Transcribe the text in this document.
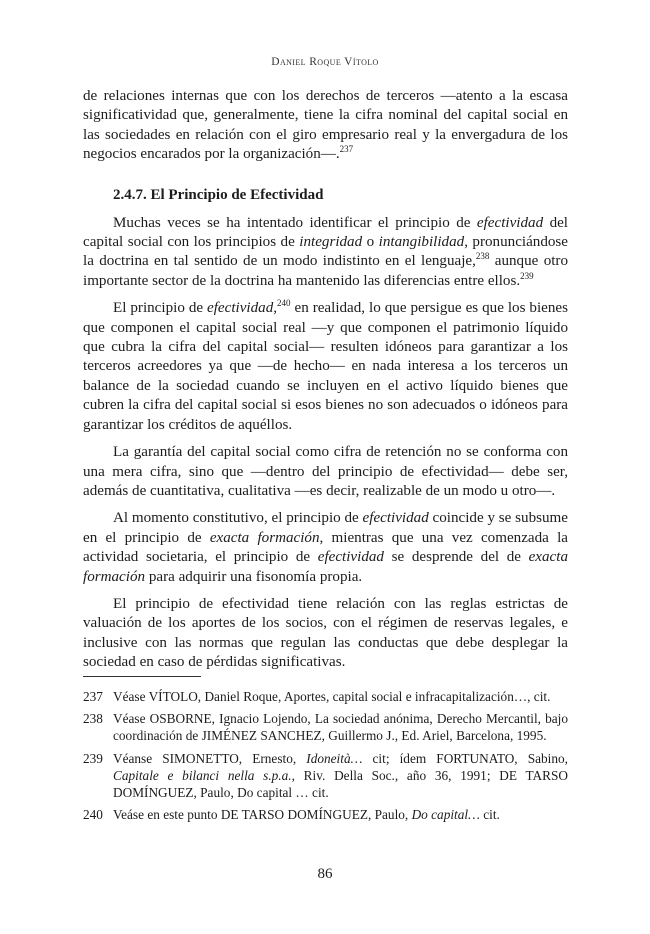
Daniel Roque Vítolo

de relaciones internas que con los derechos de terceros —atento a la escasa significatividad que, generalmente, tiene la cifra nominal del capital social en las sociedades en relación con el giro empresario real y la envergadura de los negocios encarados por la organización—.$^{237}$

2.4.7. El Principio de Efectividad

Muchas veces se ha intentado identificar el principio de efectividad del capital social con los principios de integridad o intangibilidad, pronunciándose la doctrina en tal sentido de un modo indistinto en el lenguaje,$^{238}$ aunque otro importante sector de la doctrina ha mantenido las diferencias entre ellos.$^{239}$

El principio de efectividad,$^{240}$ en realidad, lo que persigue es que los bienes que componen el capital social real —y que componen el patrimonio líquido que cubra la cifra del capital social— resulten idóneos para garantizar a los terceros acreedores ya que —de hecho— en nada interesa a los terceros un balance de la sociedad cuando se incluyen en el activo líquido bienes que cubren la cifra del capital social si esos bienes no son adecuados o idóneos para garantizar los créditos de aquéllos.

La garantía del capital social como cifra de retención no se conforma con una mera cifra, sino que —dentro del principio de efectividad— debe ser, además de cuantitativa, cualitativa —es decir, realizable de un modo u otro—.

Al momento constitutivo, el principio de efectividad coincide y se subsume en el principio de exacta formación, mientras que una vez comenzada la actividad societaria, el principio de efectividad se desprende del de exacta formación para adquirir una fisonomía propia.

El principio de efectividad tiene relación con las reglas estrictas de valuación de los aportes de los socios, con el régimen de reservas legales, e inclusive con las normas que regulan las conductas que debe desplegar la sociedad en caso de pérdidas significativas.

237 Véase VÍTOLO, Daniel Roque, Aportes, capital social e infracapitalización…, cit.
238 Véase OSBORNE, Ignacio Lojendo, La sociedad anónima, Derecho Mercantil, bajo coordinación de JIMÉNEZ SANCHEZ, Guillermo J., Ed. Ariel, Barcelona, 1995.
239 Véanse SIMONETTO, Ernesto, Idoneità… cit; ídem FORTUNATO, Sabino, Capitale e bilanci nella s.p.a., Riv. Della Soc., año 36, 1991; DE TARSO DOMÍNGUEZ, Paulo, Do capital … cit.
240 Veáse en este punto DE TARSO DOMÍNGUEZ, Paulo, Do capital… cit.
86
